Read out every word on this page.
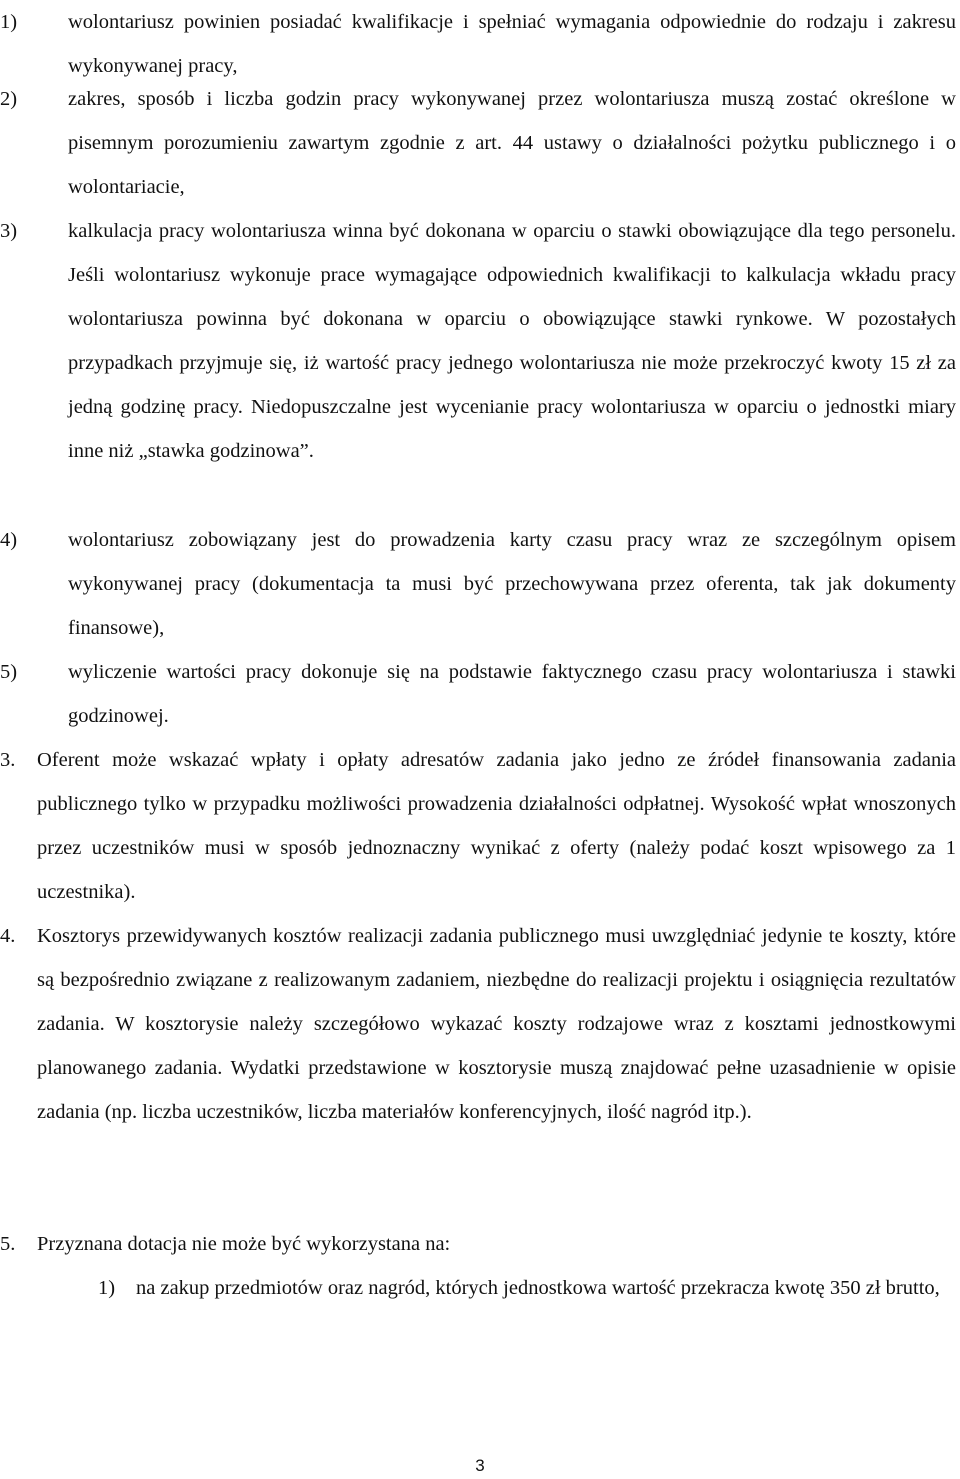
1) wolontariusz powinien posiadać kwalifikacje i spełniać wymagania odpowiednie do rodzaju i zakresu wykonywanej pracy,

2) zakres, sposób i liczba godzin pracy wykonywanej przez wolontariusza muszą zostać określone w pisemnym porozumieniu zawartym zgodnie z art. 44 ustawy o działalności pożytku publicznego i o wolontariacie,

3) kalkulacja pracy wolontariusza winna być dokonana w oparciu o stawki obowiązujące dla tego personelu. Jeśli wolontariusz wykonuje prace wymagające odpowiednich kwalifikacji to kalkulacja wkładu pracy wolontariusza powinna być dokonana w oparciu o obowiązujące stawki rynkowe. W pozostałych przypadkach przyjmuje się, iż wartość pracy jednego wolontariusza nie może przekroczyć kwoty 15 zł za jedną godzinę pracy. Niedopuszczalne jest wycenianie pracy wolontariusza w oparciu o jednostki miary inne niż „stawka godzinowa”.

4) wolontariusz zobowiązany jest do prowadzenia karty czasu pracy wraz ze szczególnym opisem wykonywanej pracy (dokumentacja ta musi być przechowywana przez oferenta, tak jak dokumenty finansowe),

5) wyliczenie wartości pracy dokonuje się na podstawie faktycznego czasu pracy wolontariusza i stawki godzinowej.

3. Oferent może wskazać wpłaty i opłaty adresatów zadania jako jedno ze źródeł finansowania zadania publicznego tylko w przypadku możliwości prowadzenia działalności odpłatnej. Wysokość wpłat wnoszonych przez uczestników musi w sposób jednoznaczny wynikać z oferty (należy podać koszt wpisowego za 1 uczestnika).

4. Kosztorys przewidywanych kosztów realizacji zadania publicznego musi uwzględniać jedynie te koszty, które są bezpośrednio związane z realizowanym zadaniem, niezbędne do realizacji projektu i osiągnięcia rezultatów zadania. W kosztorysie należy szczegółowo wykazać koszty rodzajowe wraz z kosztami jednostkowymi planowanego zadania. Wydatki przedstawione w kosztorysie muszą znajdować pełne uzasadnienie w opisie zadania (np. liczba uczestników, liczba materiałów konferencyjnych, ilość nagród itp.).

5. Przyznana dotacja nie może być wykorzystana na:

1) na zakup przedmiotów oraz nagród, których jednostkowa wartość przekracza kwotę 350 zł brutto,

3
